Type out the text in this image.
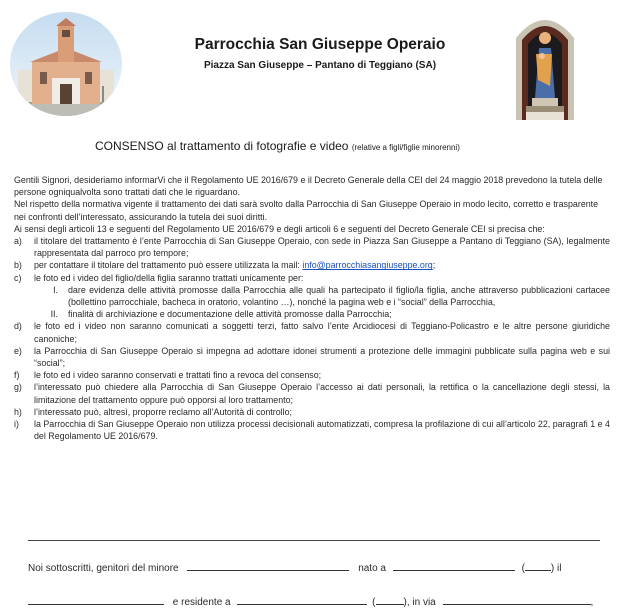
Parrocchia San Giuseppe Operaio
Piazza San Giuseppe – Pantano di Teggiano (SA)
CONSENSO al trattamento di fotografie e video (relative a figli/figlie minorenni)

Gentili Signori, desideriamo informarVi che il Regolamento UE 2016/679 e il Decreto Generale della CEI del 24 maggio 2018 prevedono la tutela delle persone ogniqualvolta sono trattati dati che le riguardano.

Nel rispetto della normativa vigente il trattamento dei dati sarà svolto dalla Parrocchia di San Giuseppe Operaio in modo lecito, corretto e trasparente nei confronti dell’interessato, assicurando la tutela dei suoi diritti.

Ai sensi degli articoli 13 e seguenti del Regolamento UE 2016/679 e degli articoli 6 e seguenti del Decreto Generale CEI si precisa che:

a)	il titolare del trattamento è l’ente Parrocchia di San Giuseppe Operaio, con sede in Piazza San Giuseppe a Pantano di Teggiano (SA), legalmente rappresentata dal parroco pro tempore;
b)	per contattare il titolare del trattamento può essere utilizzata la mail: info@parrocchiasangiuseppe.org;
c)	le foto ed i video del figlio/della figlia saranno trattati unicamente per:
I.	dare evidenza delle attività promosse dalla Parrocchia alle quali ha partecipato il figlio/la figlia, anche attraverso pubblicazioni cartacee (bollettino parrocchiale, bacheca in oratorio, volantino …), nonché la pagina web e i “social” della Parrocchia,
II.	finalità di archiviazione e documentazione delle attività promosse dalla Parrocchia;
d)	le foto ed i video non saranno comunicati a soggetti terzi, fatto salvo l’ente Arcidiocesi di Teggiano-Policastro e le altre persone giuridiche canoniche;
e)	la Parrocchia di San Giuseppe Operaio si impegna ad adottare idonei strumenti a protezione delle immagini pubblicate sulla pagina web e sui “social”;
f)	le foto ed i video saranno conservati e trattati fino a revoca del consenso;
g)	l’interessato può chiedere alla Parrocchia di San Giuseppe Operaio l’accesso ai dati personali, la rettifica o la cancellazione degli stessi, la limitazione del trattamento oppure può opporsi al loro trattamento;
h)	l’interessato può, altresì, proporre reclamo all’Autorità di controllo;
i)	la Parrocchia di San Giuseppe Operaio non utilizza processi decisionali automatizzati, compresa la profilazione di cui all’articolo 22, paragrafi 1 e 4 del Regolamento UE 2016/679.
Noi sottoscritti, genitori del minore	nato a	(	) il
e residente a	(	), in via	,
